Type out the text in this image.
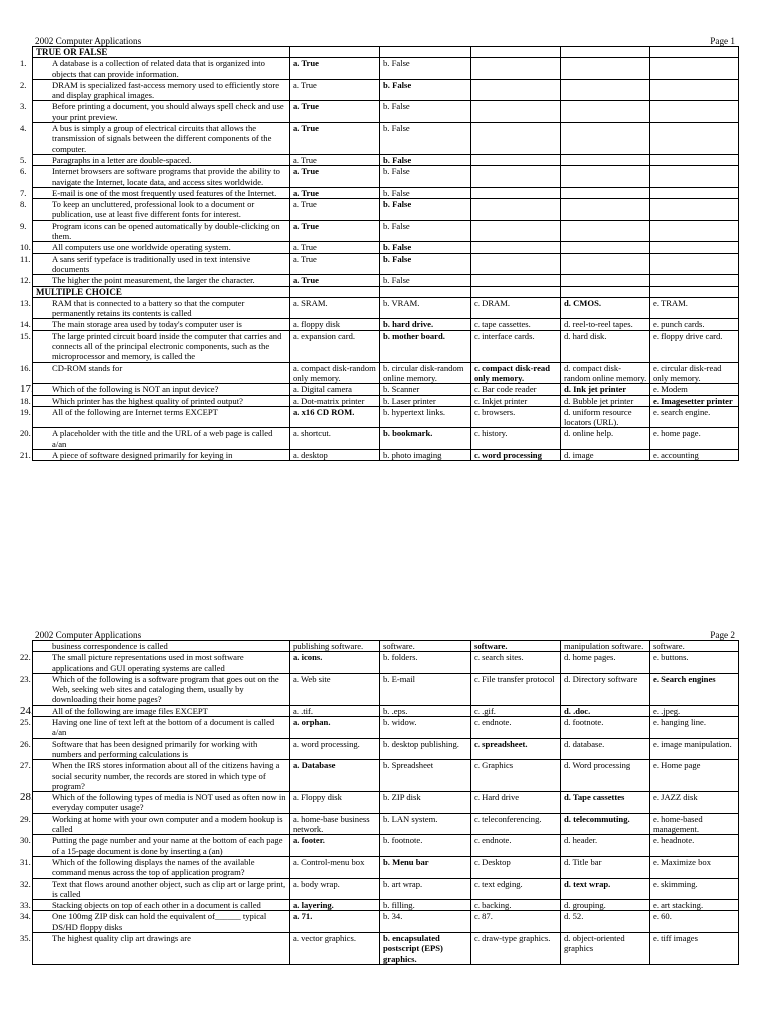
2002 Computer Applications	Page 1
TRUE OR FALSE					

1. A database is a collection of related data that is organized into objects that can provide information.	a. True	b. False			

2. DRAM is specialized fast-access memory used to efficiently store and display graphical images.	a. True	b. False			

3. Before printing a document, you should always spell check and use your print preview.	a. True	b. False			

4. A bus is simply a group of electrical circuits that allows the transmission of signals between the different components of the computer.	a. True	b. False			

5. Paragraphs in a letter are double-spaced.	a. True	b. False			

6. Internet browsers are software programs that provide the ability to navigate the Internet, locate data, and access sites worldwide.	a. True	b. False			

7. E-mail is one of the most frequently used features of the Internet.	a. True	b. False			

8. To keep an uncluttered, professional look to a document or publication, use at least five different fonts for interest.	a. True	b. False			

9. Program icons can be opened automatically by double-clicking on them.	a. True	b. False			

10. All computers use one worldwide operating system.	a. True	b. False			

11. A sans serif typeface is traditionally used in text intensive documents	a. True	b. False			

12. The higher the point measurement, the larger the character.	a. True	b. False			
MULTIPLE CHOICE					

13. RAM that is connected to a battery so that the computer permanently retains its contents is called	a. SRAM.	b. VRAM.	c. DRAM.	d. CMOS.	e. TRAM.

14. The main storage area used by today's computer user is	a. floppy disk	b. hard drive.	c. tape cassettes.	d. reel-to-reel tapes.	e. punch cards.

15. The large printed circuit board inside the computer that carries and connects all of the principal electronic components, such as the microprocessor and memory, is called the	a. expansion card.	b. mother board.	c. interface cards.	d. hard disk.	e. floppy drive card.

16. CD-ROM stands for	a. compact disk-random only memory.	b. circular disk-random online memory.	c. compact disk-read only memory.	d. compact disk-random online memory.	e. circular disk-read only memory.

17. Which of the following is NOT an input device?	a. Digital camera	b. Scanner	c. Bar code reader	d. Ink jet printer	e. Modem

18. Which printer has the highest quality of printed output?	a. Dot-matrix printer	b. Laser printer	c. Inkjet printer	d. Bubble jet printer	e. Imagesetter printer

19. All of the following are Internet terms EXCEPT	a. x16 CD ROM.	b. hypertext links.	c. browsers.	d. uniform resource locators (URL).	e. search engine.

20. A placeholder with the title and the URL of a web page is called a/an	a. shortcut.	b. bookmark.	c. history.	d. online help.	e. home page.

21. A piece of software designed primarily for keying in	a. desktop	b. photo imaging	c. word processing	d. image	e. accounting
2002 Computer Applications	Page 2
business correspondence is called	publishing software.	software.	software.	manipulation software.	software.

22. The small picture representations used in most software applications and GUI operating systems are called	a. icons.	b. folders.	c. search sites.	d. home pages.	e. buttons.

23. Which of the following is a software program that goes out on the Web, seeking web sites and cataloging them, usually by downloading their home pages?	a. Web site	b. E-mail	c. File transfer protocol	d. Directory software	e. Search engines

24. All of the following are image files EXCEPT	a. .tif.	b. .eps.	c. .gif.	d. .doc.	e. .jpeg.

25. Having one line of text left at the bottom of a document is called a/an	a. orphan.	b. widow.	c. endnote.	d. footnote.	e. hanging line.

26. Software that has been designed primarily for working with numbers and performing calculations is	a. word processing.	b. desktop publishing.	c. spreadsheet.	d. database.	e. image manipulation.

27. When the IRS stores information about all of the citizens having a social security number, the records are stored in which type of program?	a. Database	b. Spreadsheet	c. Graphics	d. Word processing	e. Home page

28. Which of the following types of media is NOT used as often now in everyday computer usage?	a. Floppy disk	b. ZIP disk	c. Hard drive	d. Tape cassettes	e. JAZZ disk

29. Working at home with your own computer and a modem hookup is called	a. home-base business network.	b. LAN system.	c. teleconferencing.	d. telecommuting.	e. home-based management.

30. Putting the page number and your name at the bottom of each page of a 15-page document is done by inserting a (an)	a. footer.	b. footnote.	c. endnote.	d. header.	e. headnote.

31. Which of the following displays the names of the available command menus across the top of application program?	a. Control-menu box	b. Menu bar	c. Desktop	d. Title bar	e. Maximize box

32. Text that flows around another object, such as clip art or large print, is called	a. body wrap.	b. art wrap.	c. text edging.	d. text wrap.	e. skimming.

33. Stacking objects on top of each other in a document is called	a. layering.	b. filling.	c. backing.	d. grouping.	e. art stacking.

34. One 100mg ZIP disk can hold the equivalent of______ typical DS/HD floppy disks	a. 71.	b. 34.	c. 87.	d. 52.	e. 60.

35. The highest quality clip art drawings are	a. vector graphics.	b. encapsulated postscript (EPS) graphics.	c. draw-type graphics.	d. object-oriented graphics	e. tiff images
